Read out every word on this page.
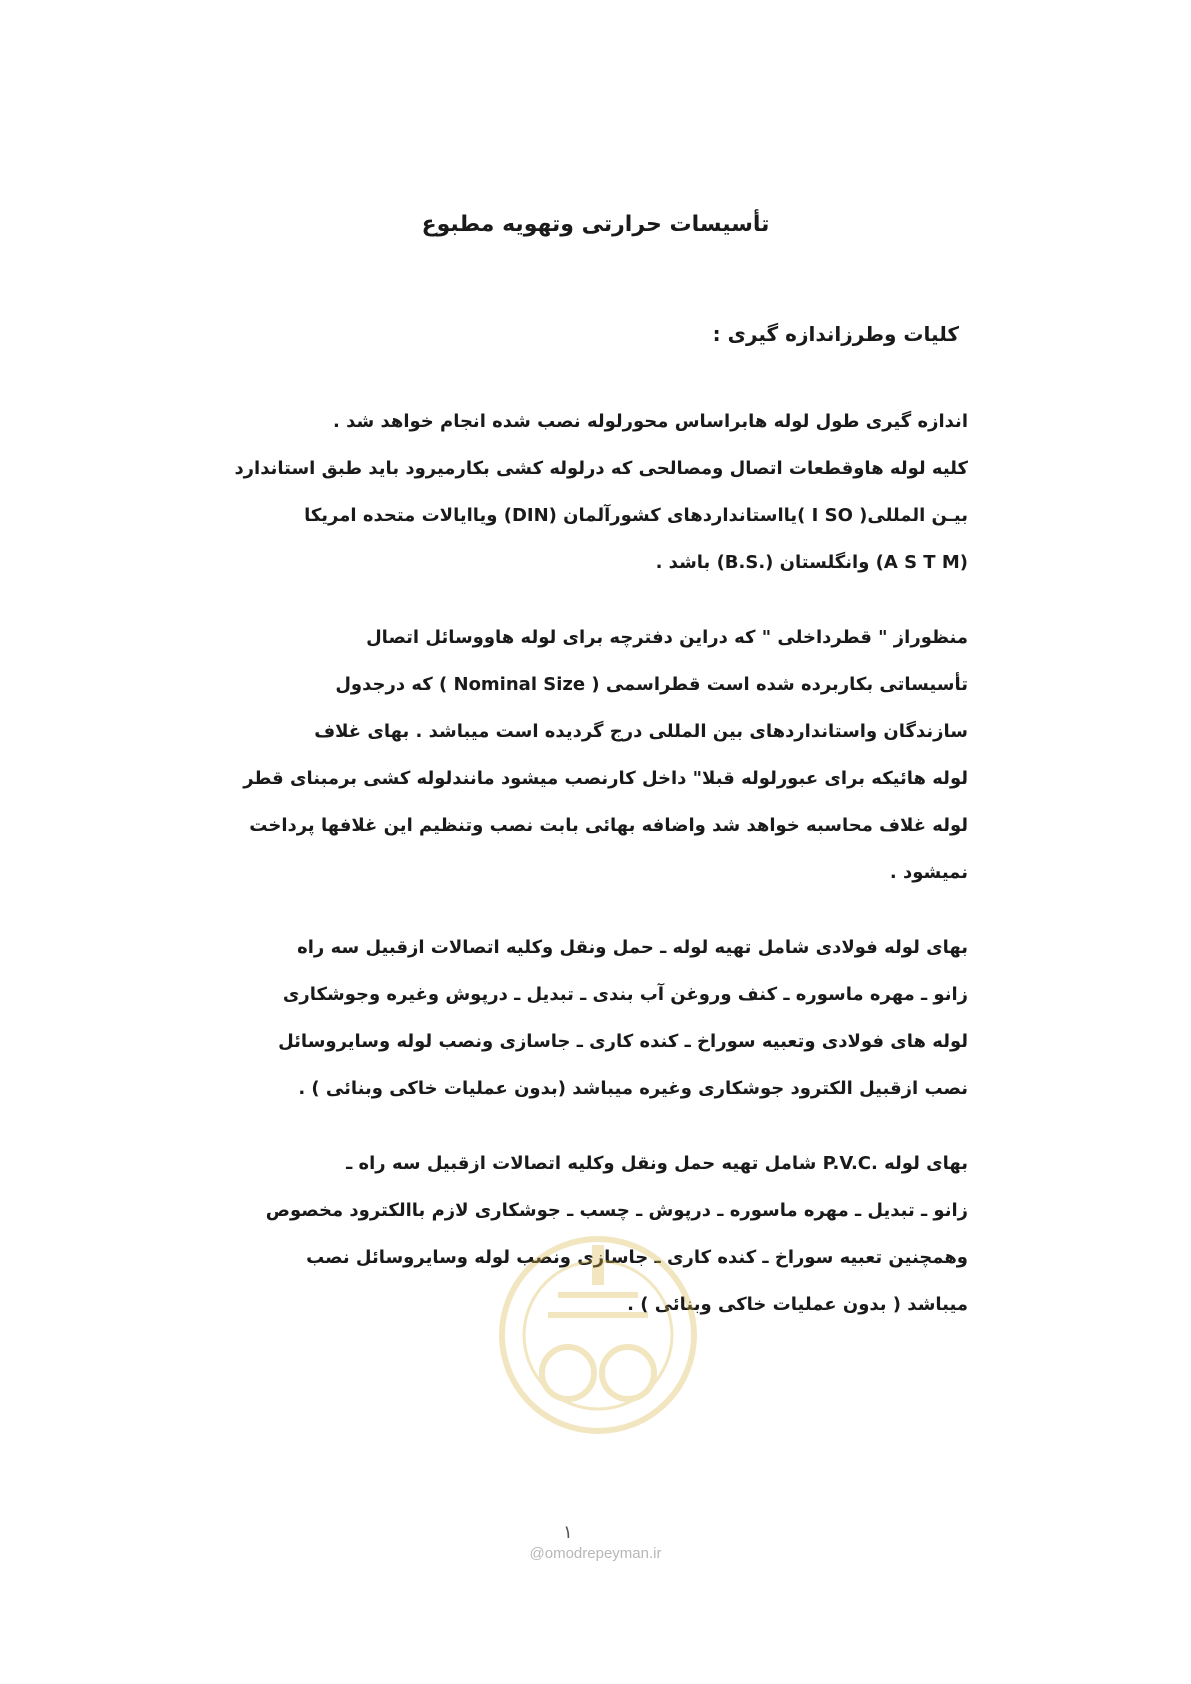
تأسیسات حرارتی وتهویه مطبوع
کلیات وطرزاندازه گیری :

اندازه گیری طول لوله هابراساس محورلوله نصب شده انجام خواهد شد .
کلیه لوله هاوقطعات اتصال ومصالحی که درلوله کشی بکارمیرود باید طبق استاندارد
بیـن المللی( I SO )یااستانداردهای کشورآلمان (DIN) ویاایالات متحده امریکا
(A S T M) وانگلستان (.B.S) باشد .

منظوراز " قطرداخلی " که دراین دفترچه برای لوله هاووسائل اتصال
تأسیساتی بکاربرده شده است قطراسمی ( Nominal Size ) که درجدول
سازندگان واستانداردهای بین المللی درج گردیده است میباشد . بهای غلاف
لوله هائیکه برای عبورلوله قبلا" داخل کارنصب میشود مانندلوله کشی برمبنای قطر
لوله غلاف محاسبه خواهد شد واضافه بهائی بابت نصب وتنظیم این غلافها پرداخت
نمیشود .

بهای لوله فولادی شامل تهیه لوله ـ حمل ونقل وکلیه اتصالات ازقبیل سه راه
زانو ـ مهره ماسوره ـ کنف وروغن آب بندی ـ تبدیل ـ درپوش وغیره وجوشکاری
لوله های فولادی وتعبیه سوراخ ـ کنده کاری ـ جاسازی ونصب لوله وسایروسائل
نصب ازقبیل الکترود جوشکاری وغیره میباشد (بدون عملیات خاکی وبنائی ) .

بهای لوله .P.V.C شامل تهیه حمل ونقل وکلیه اتصالات ازقبیل سه راه ـ
زانو ـ تبدیل ـ مهره ماسوره ـ درپوش ـ چسب ـ جوشکاری لازم باالکترود مخصوص
وهمچنین تعبیه سوراخ ـ کنده کاری ـ جاسازی ونصب لوله وسایروسائل نصب
میباشد ( بدون عملیات خاکی وبنائی ) .

@omodrepeyman.ir
۱
